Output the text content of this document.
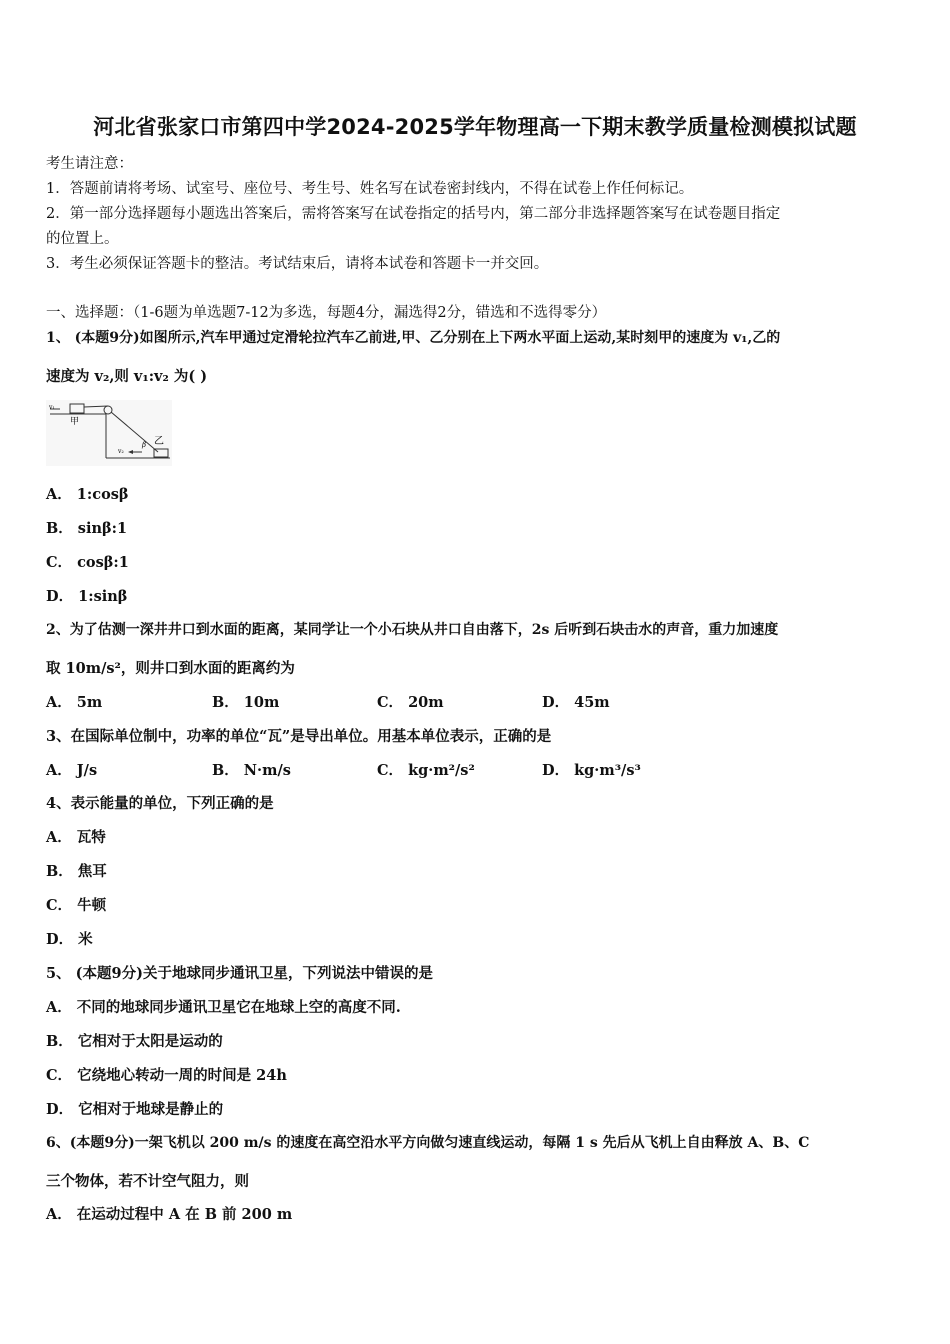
河北省张家口市第四中学2024-2025学年物理高一下期末教学质量检测模拟试题
考生请注意：
1．答题前请将考场、试室号、座位号、考生号、姓名写在试卷密封线内，不得在试卷上作任何标记。
2．第一部分选择题每小题选出答案后，需将答案写在试卷指定的括号内，第二部分非选择题答案写在试卷题目指定
的位置上。
3．考生必须保证答题卡的整洁。考试结束后，请将本试卷和答题卡一并交回。
一、选择题：（1-6题为单选题7-12为多选，每题4分，漏选得2分，错选和不选得零分）
1、 (本题9分)如图所示,汽车甲通过定滑轮拉汽车乙前进,甲、乙分别在上下两水平面上运动,某时刻甲的速度为 v₁,乙的
速度为 v₂,则 v₁:v₂ 为( )
v₁
甲
v₂
β 乙
A． 1:cosβ
B． sinβ:1
C． cosβ:1
D． 1:sinβ
2、为了估测一深井井口到水面的距离，某同学让一个小石块从井口自由落下，2s 后听到石块击水的声音，重力加速度
取 10m/s²，则井口到水面的距离约为
A． 5m	B． 10m	C． 20m	D． 45m
3、在国际单位制中，功率的单位“瓦”是导出单位。用基本单位表示，正确的是
A． J/s	B． N·m/s	C． kg·m²/s²	D． kg·m³/s³
4、表示能量的单位，下列正确的是
A． 瓦特
B． 焦耳
C． 牛顿
D． 米
5、 (本题9分)关于地球同步通讯卫星，下列说法中错误的是
A． 不同的地球同步通讯卫星它在地球上空的高度不同.
B． 它相对于太阳是运动的
C． 它绕地心转动一周的时间是 24h
D． 它相对于地球是静止的
6、(本题9分)一架飞机以 200 m/s 的速度在高空沿水平方向做匀速直线运动，每隔 1 s 先后从飞机上自由释放 A、B、C
三个物体，若不计空气阻力，则
A． 在运动过程中 A 在 B 前 200 m
